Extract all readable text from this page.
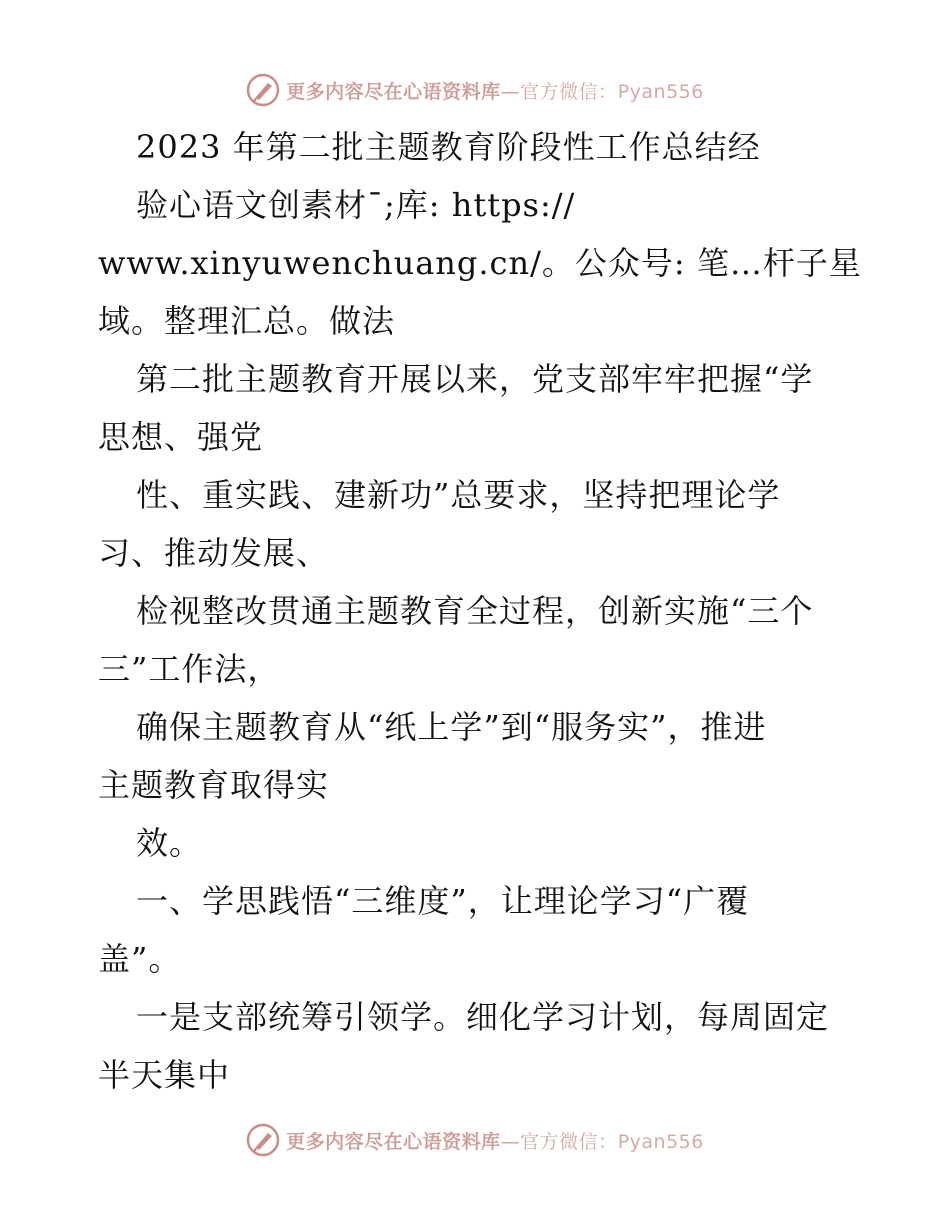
更多内容尽在心语资料库—官方微信：Pyan556
2023 年第二批主题教育阶段性工作总结经
验心语文创素材¯;库: https://
www.xinyuwenchuang.cn/。公众号: 笔…杆子星
域。整理汇总。做法
第二批主题教育开展以来，党支部牢牢把握“学
思想、强党
性、重实践、建新功”总要求，坚持把理论学
习、推动发展、
检视整改贯通主题教育全过程，创新实施“三个
三”工作法，
确保主题教育从“纸上学”到“服务实”，推进
主题教育取得实
效。
一、学思践悟“三维度”，让理论学习“广覆
盖”。
一是支部统筹引领学。细化学习计划，每周固定
半天集中
更多内容尽在心语资料库—官方微信：Pyan556
